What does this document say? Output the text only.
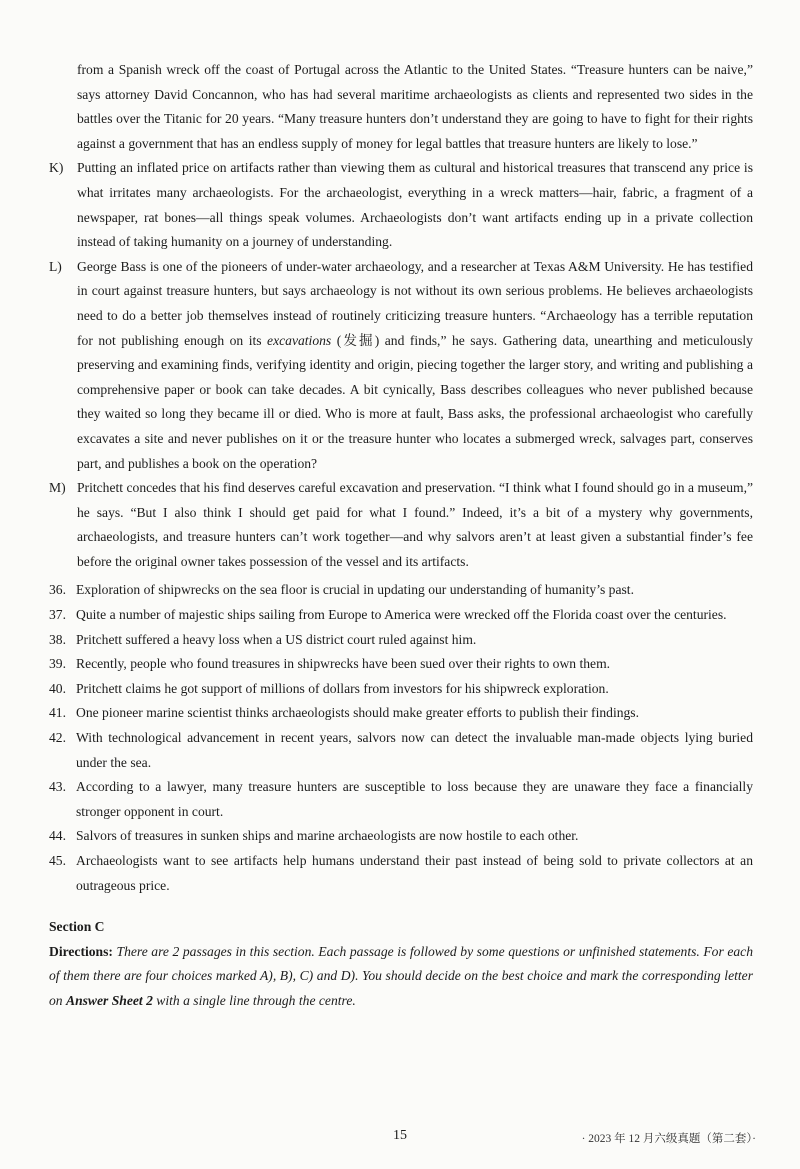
from a Spanish wreck off the coast of Portugal across the Atlantic to the United States. “Treasure hunters can be naive,” says attorney David Concannon, who has had several maritime archaeologists as clients and represented two sides in the battles over the Titanic for 20 years. “Many treasure hunters don’t understand they are going to have to fight for their rights against a government that has an endless supply of money for legal battles that treasure hunters are likely to lose.”

K) Putting an inflated price on artifacts rather than viewing them as cultural and historical treasures that transcend any price is what irritates many archaeologists. For the archaeologist, everything in a wreck matters—hair, fabric, a fragment of a newspaper, rat bones—all things speak volumes. Archaeologists don’t want artifacts ending up in a private collection instead of taking humanity on a journey of understanding.
L) George Bass is one of the pioneers of under-water archaeology, and a researcher at Texas A&M University. He has testified in court against treasure hunters, but says archaeology is not without its own serious problems. He believes archaeologists need to do a better job themselves instead of routinely criticizing treasure hunters. “Archaeology has a terrible reputation for not publishing enough on its excavations (发掘) and finds,” he says. Gathering data, unearthing and meticulously preserving and examining finds, verifying identity and origin, piecing together the larger story, and writing and publishing a comprehensive paper or book can take decades. A bit cynically, Bass describes colleagues who never published because they waited so long they became ill or died. Who is more at fault, Bass asks, the professional archaeologist who carefully excavates a site and never publishes on it or the treasure hunter who locates a submerged wreck, salvages part, conserves part, and publishes a book on the operation?
M) Pritchett concedes that his find deserves careful excavation and preservation. “I think what I found should go in a museum,” he says. “But I also think I should get paid for what I found.” Indeed, it’s a bit of a mystery why governments, archaeologists, and treasure hunters can’t work together—and why salvors aren’t at least given a substantial finder’s fee before the original owner takes possession of the vessel and its artifacts.
36. Exploration of shipwrecks on the sea floor is crucial in updating our understanding of humanity’s past.
37. Quite a number of majestic ships sailing from Europe to America were wrecked off the Florida coast over the centuries.
38. Pritchett suffered a heavy loss when a US district court ruled against him.
39. Recently, people who found treasures in shipwrecks have been sued over their rights to own them.
40. Pritchett claims he got support of millions of dollars from investors for his shipwreck exploration.
41. One pioneer marine scientist thinks archaeologists should make greater efforts to publish their findings.
42. With technological advancement in recent years, salvors now can detect the invaluable man-made objects lying buried under the sea.
43. According to a lawyer, many treasure hunters are susceptible to loss because they are unaware they face a financially stronger opponent in court.
44. Salvors of treasures in sunken ships and marine archaeologists are now hostile to each other.
45. Archaeologists want to see artifacts help humans understand their past instead of being sold to private collectors at an outrageous price.

Section C

Directions: There are 2 passages in this section. Each passage is followed by some questions or unfinished statements. For each of them there are four choices marked A), B), C) and D). You should decide on the best choice and mark the corresponding letter on Answer Sheet 2 with a single line through the centre.

15	· 2023 年 12 月六级真题（第二套）·
